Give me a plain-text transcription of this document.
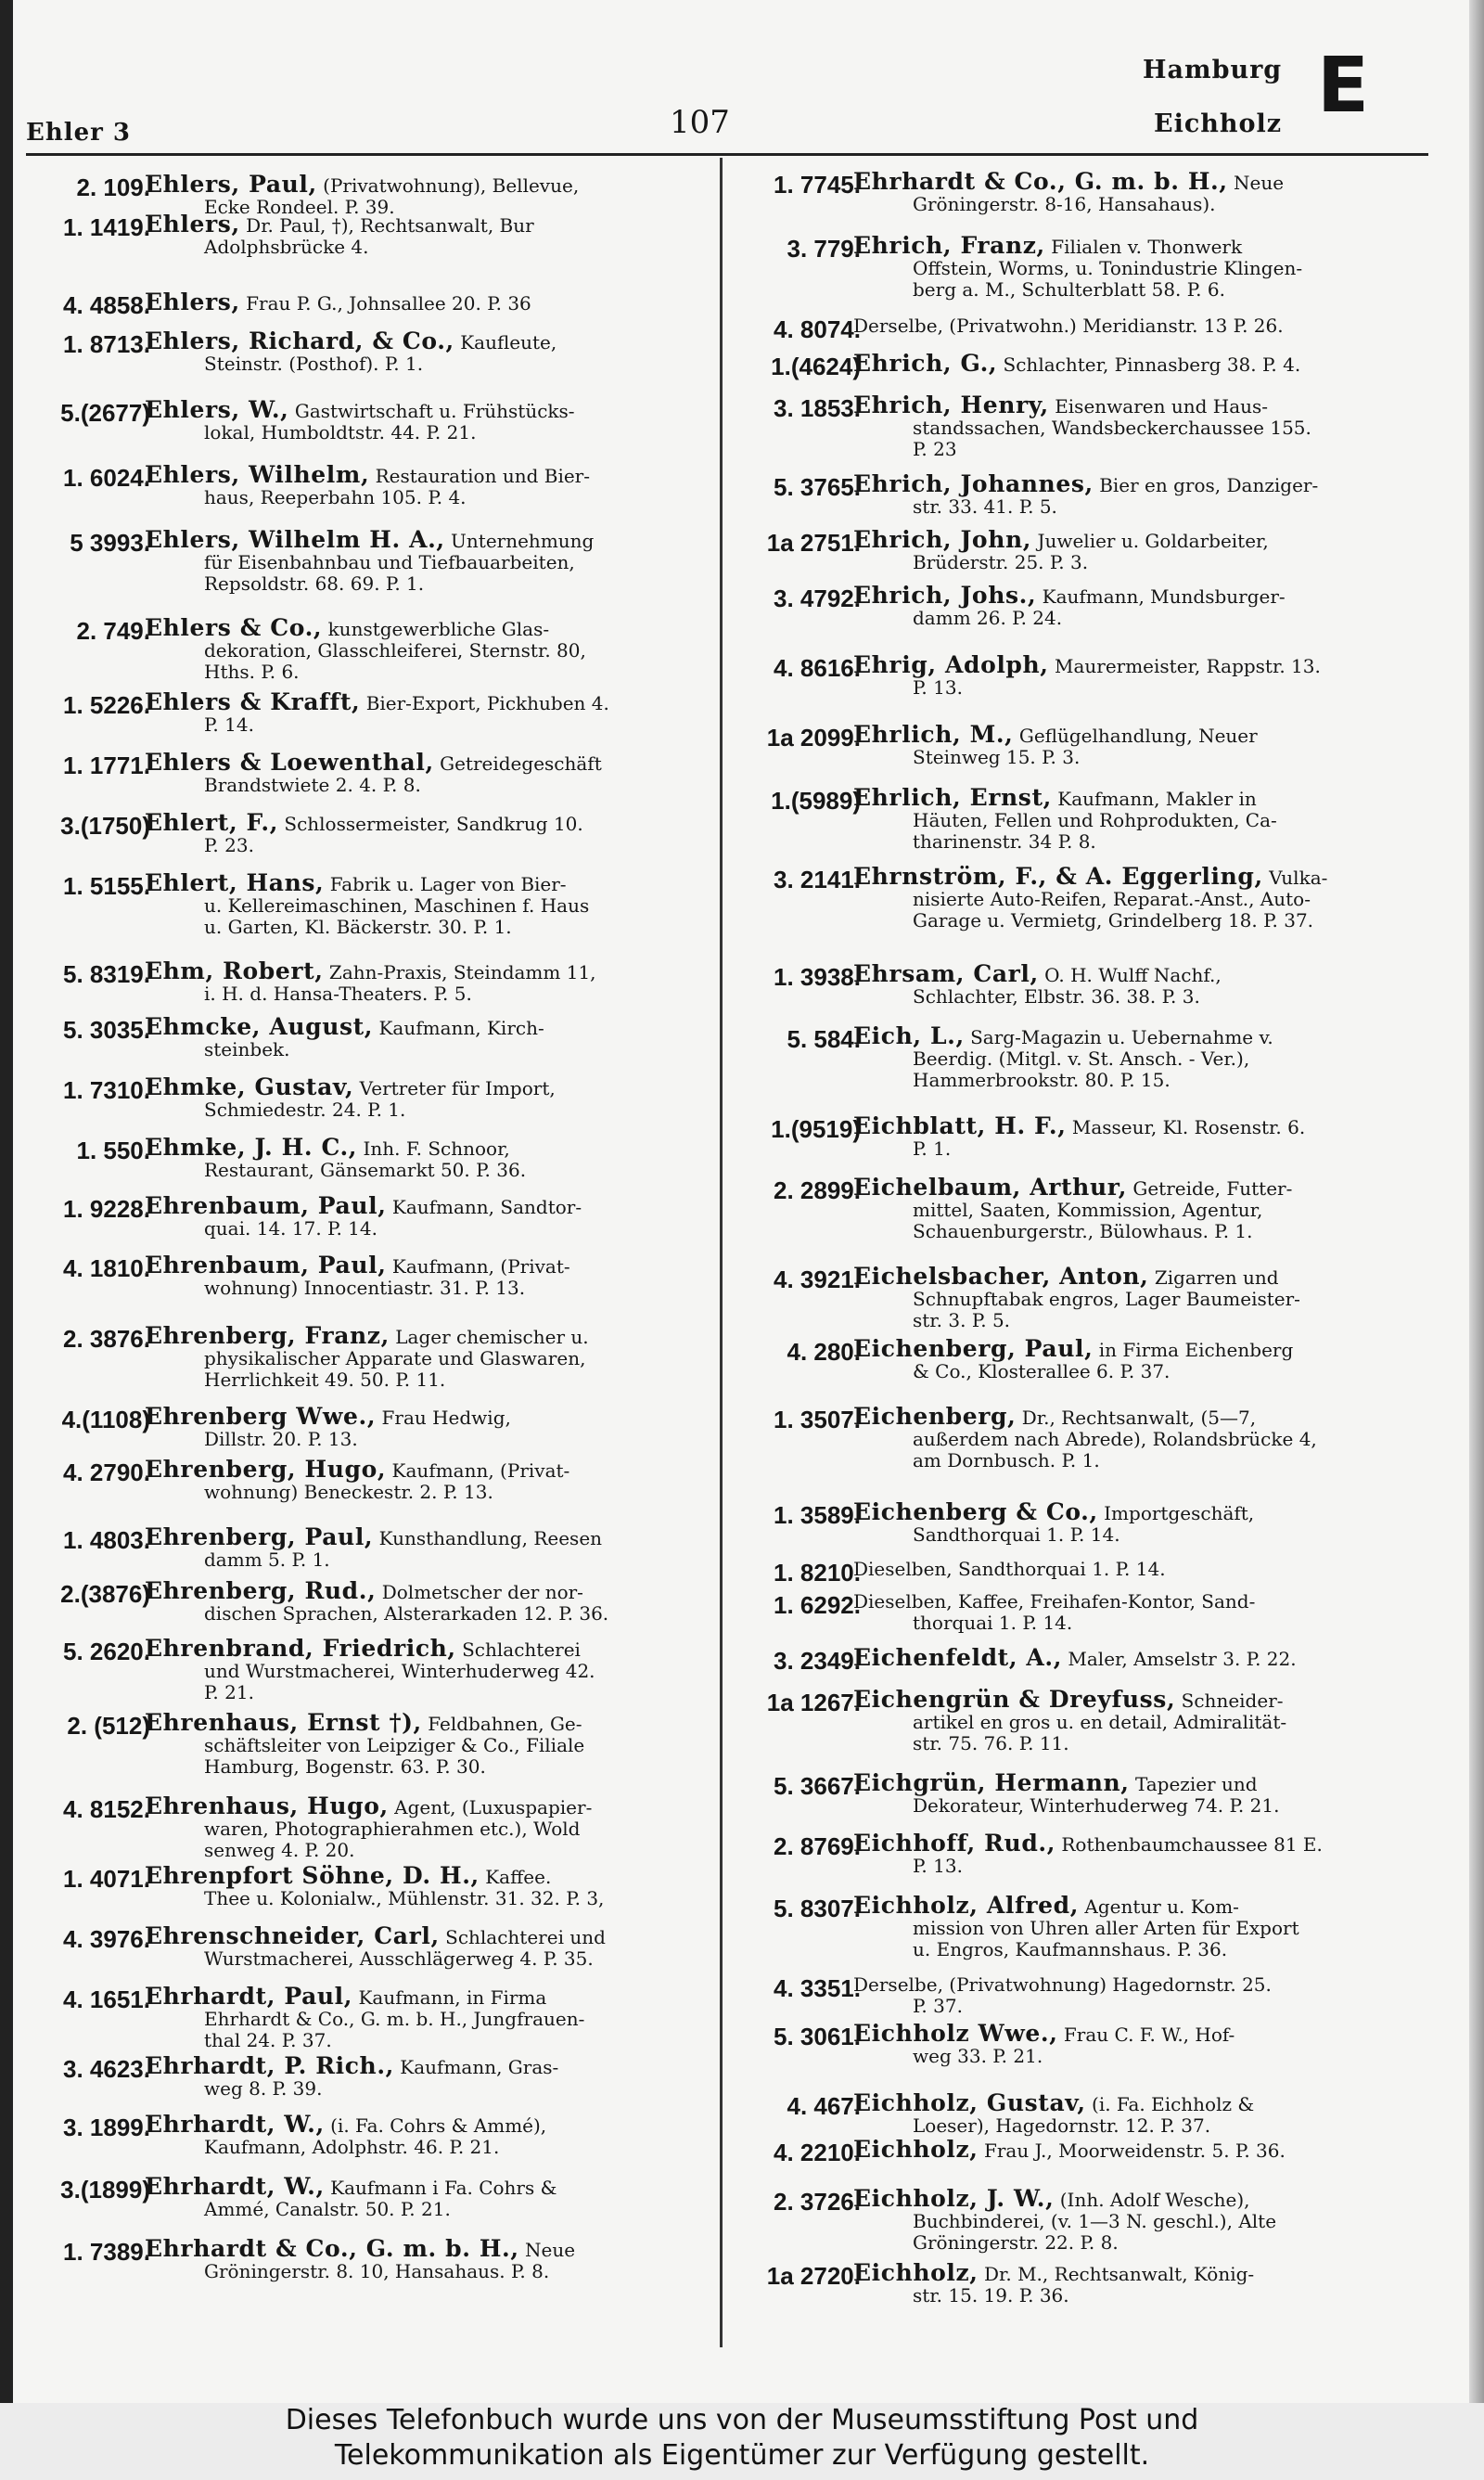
Ehler 3	107
Hamburg
Eichholz E
2. 109.
Ehlers, Paul, (Privatwohnung), Bellevue,
Ecke Rondeel. P. 39.
1. 1419.
Ehlers, Dr. Paul, †), Rechtsanwalt, Bur
Adolphsbrücke 4.
4. 4858.
Ehlers, Frau P. G., Johnsallee 20. P. 36
1. 8713.
Ehlers, Richard, & Co., Kaufleute,
Steinstr. (Posthof). P. 1.
5.(2677)
Ehlers, W., Gastwirtschaft u. Frühstücks-
lokal, Humboldtstr. 44. P. 21.
1. 6024.
Ehlers, Wilhelm, Restauration und Bier-
haus, Reeperbahn 105. P. 4.
5 3993.
Ehlers, Wilhelm H. A., Unternehmung
für Eisenbahnbau und Tiefbauarbeiten,
Repsoldstr. 68. 69. P. 1.
2. 749.
Ehlers & Co., kunstgewerbliche Glas-
dekoration, Glasschleiferei, Sternstr. 80,
Hths. P. 6.
1. 5226.
Ehlers & Krafft, Bier-Export, Pickhuben 4.
P. 14.
1. 1771.
Ehlers & Loewenthal, Getreidegeschäft
Brandstwiete 2. 4. P. 8.
3.(1750)
Ehlert, F., Schlossermeister, Sandkrug 10.
P. 23.
1. 5155.
Ehlert, Hans, Fabrik u. Lager von Bier-
u. Kellereimaschinen, Maschinen f. Haus
u. Garten, Kl. Bäckerstr. 30. P. 1.
5. 8319.
Ehm, Robert, Zahn-Praxis, Steindamm 11,
i. H. d. Hansa-Theaters. P. 5.
5. 3035.
Ehmcke, August, Kaufmann, Kirch-
steinbek.
1. 7310.
Ehmke, Gustav, Vertreter für Import,
Schmiedestr. 24. P. 1.
1. 550.
Ehmke, J. H. C., Inh. F. Schnoor,
Restaurant, Gänsemarkt 50. P. 36.
1. 9228.
Ehrenbaum, Paul, Kaufmann, Sandtor-
quai. 14. 17. P. 14.
4. 1810.
Ehrenbaum, Paul, Kaufmann, (Privat-
wohnung) Innocentiastr. 31. P. 13.
2. 3876.
Ehrenberg, Franz, Lager chemischer u.
physikalischer Apparate und Glaswaren,
Herrlichkeit 49. 50. P. 11.
4.(1108)
Ehrenberg Wwe., Frau Hedwig,
Dillstr. 20. P. 13.
4. 2790.
Ehrenberg, Hugo, Kaufmann, (Privat-
wohnung) Beneckestr. 2. P. 13.
1. 4803.
Ehrenberg, Paul, Kunsthandlung, Reesen
damm 5. P. 1.
2.(3876)
Ehrenberg, Rud., Dolmetscher der nor-
dischen Sprachen, Alsterarkaden 12. P. 36.
5. 2620.
Ehrenbrand, Friedrich, Schlachterei
und Wurstmacherei, Winterhuderweg 42.
P. 21.
2. (512)
Ehrenhaus, Ernst †), Feldbahnen, Ge-
schäftsleiter von Leipziger & Co., Filiale
Hamburg, Bogenstr. 63. P. 30.
4. 8152.
Ehrenhaus, Hugo, Agent, (Luxuspapier-
waren, Photographierahmen etc.), Wold
senweg 4. P. 20.
1. 4071.
Ehrenpfort Söhne, D. H., Kaffee.
Thee u. Kolonialw., Mühlenstr. 31. 32. P. 3,
4. 3976.
Ehrenschneider, Carl, Schlachterei und
Wurstmacherei, Ausschlägerweg 4. P. 35.
4. 1651.
Ehrhardt, Paul, Kaufmann, in Firma
Ehrhardt & Co., G. m. b. H., Jungfrauen-
thal 24. P. 37.
3. 4623.
Ehrhardt, P. Rich., Kaufmann, Gras-
weg 8. P. 39.
3. 1899.
Ehrhardt, W., (i. Fa. Cohrs & Ammé),
Kaufmann, Adolphstr. 46. P. 21.
3.(1899)
Ehrhardt, W., Kaufmann i Fa. Cohrs &
Ammé, Canalstr. 50. P. 21.
1. 7389.
Ehrhardt & Co., G. m. b. H., Neue
Gröningerstr. 8. 10, Hansahaus. P. 8.
1. 7745.
Ehrhardt & Co., G. m. b. H., Neue
Gröningerstr. 8-16, Hansahaus).
3. 779.
Ehrich, Franz, Filialen v. Thonwerk
Offstein, Worms, u. Tonindustrie Klingen-
berg a. M., Schulterblatt 58. P. 6.
4. 8074.
Derselbe, (Privatwohn.) Meridianstr. 13 P. 26.
1.(4624)
Ehrich, G., Schlachter, Pinnasberg 38. P. 4.
3. 1853.
Ehrich, Henry, Eisenwaren und Haus-
standssachen, Wandsbeckerchaussee 155.
P. 23
5. 3765.
Ehrich, Johannes, Bier en gros, Danziger-
str. 33. 41. P. 5.
1a 2751.
Ehrich, John, Juwelier u. Goldarbeiter,
Brüderstr. 25. P. 3.
3. 4792.
Ehrich, Johs., Kaufmann, Mundsburger-
damm 26. P. 24.
4. 8616.
Ehrig, Adolph, Maurermeister, Rappstr. 13.
P. 13.
1a 2099.
Ehrlich, M., Geflügelhandlung, Neuer
Steinweg 15. P. 3.
1.(5989)
Ehrlich, Ernst, Kaufmann, Makler in
Häuten, Fellen und Rohprodukten, Ca-
tharinenstr. 34 P. 8.
3. 2141.
Ehrnström, F., & A. Eggerling, Vulka-
nisierte Auto-Reifen, Reparat.-Anst., Auto-
Garage u. Vermietg, Grindelberg 18. P. 37.
1. 3938.
Ehrsam, Carl, O. H. Wulff Nachf.,
Schlachter, Elbstr. 36. 38. P. 3.
5. 584.
Eich, L., Sarg-Magazin u. Uebernahme v.
Beerdig. (Mitgl. v. St. Ansch. - Ver.),
Hammerbrookstr. 80. P. 15.
1.(9519)
Eichblatt, H. F., Masseur, Kl. Rosenstr. 6.
P. 1.
2. 2899.
Eichelbaum, Arthur, Getreide, Futter-
mittel, Saaten, Kommission, Agentur,
Schauenburgerstr., Bülowhaus. P. 1.
4. 3921.
Eichelsbacher, Anton, Zigarren und
Schnupftabak engros, Lager Baumeister-
str. 3. P. 5.
4. 280.
Eichenberg, Paul, in Firma Eichenberg
& Co., Klosterallee 6. P. 37.
1. 3507.
Eichenberg, Dr., Rechtsanwalt, (5—7,
außerdem nach Abrede), Rolandsbrücke 4,
am Dornbusch. P. 1.
1. 3589.
Eichenberg & Co., Importgeschäft,
Sandthorquai 1. P. 14.
1. 8210.
Dieselben, Sandthorquai 1. P. 14.
1. 6292.
Dieselben, Kaffee, Freihafen-Kontor, Sand-
thorquai 1. P. 14.
3. 2349.
Eichenfeldt, A., Maler, Amselstr 3. P. 22.
1a 1267.
Eichengrün & Dreyfuss, Schneider-
artikel en gros u. en detail, Admiralität-
str. 75. 76. P. 11.
5. 3667.
Eichgrün, Hermann, Tapezier und
Dekorateur, Winterhuderweg 74. P. 21.
2. 8769.
Eichhoff, Rud., Rothenbaumchaussee 81 E.
P. 13.
5. 8307.
Eichholz, Alfred, Agentur u. Kom-
mission von Uhren aller Arten für Export
u. Engros, Kaufmannshaus. P. 36.
4. 3351.
Derselbe, (Privatwohnung) Hagedornstr. 25.
P. 37.
5. 3061.
Eichholz Wwe., Frau C. F. W., Hof-
weg 33. P. 21.
4. 467.
Eichholz, Gustav, (i. Fa. Eichholz &
Loeser), Hagedornstr. 12. P. 37.
4. 2210.
Eichholz, Frau J., Moorweidenstr. 5. P. 36.
2. 3726.
Eichholz, J. W., (Inh. Adolf Wesche),
Buchbinderei, (v. 1—3 N. geschl.), Alte
Gröningerstr. 22. P. 8.
1a 2720.
Eichholz, Dr. M., Rechtsanwalt, König-
str. 15. 19. P. 36.
Dieses Telefonbuch wurde uns von der Museumsstiftung Post und
Telekommunikation als Eigentümer zur Verfügung gestellt.
